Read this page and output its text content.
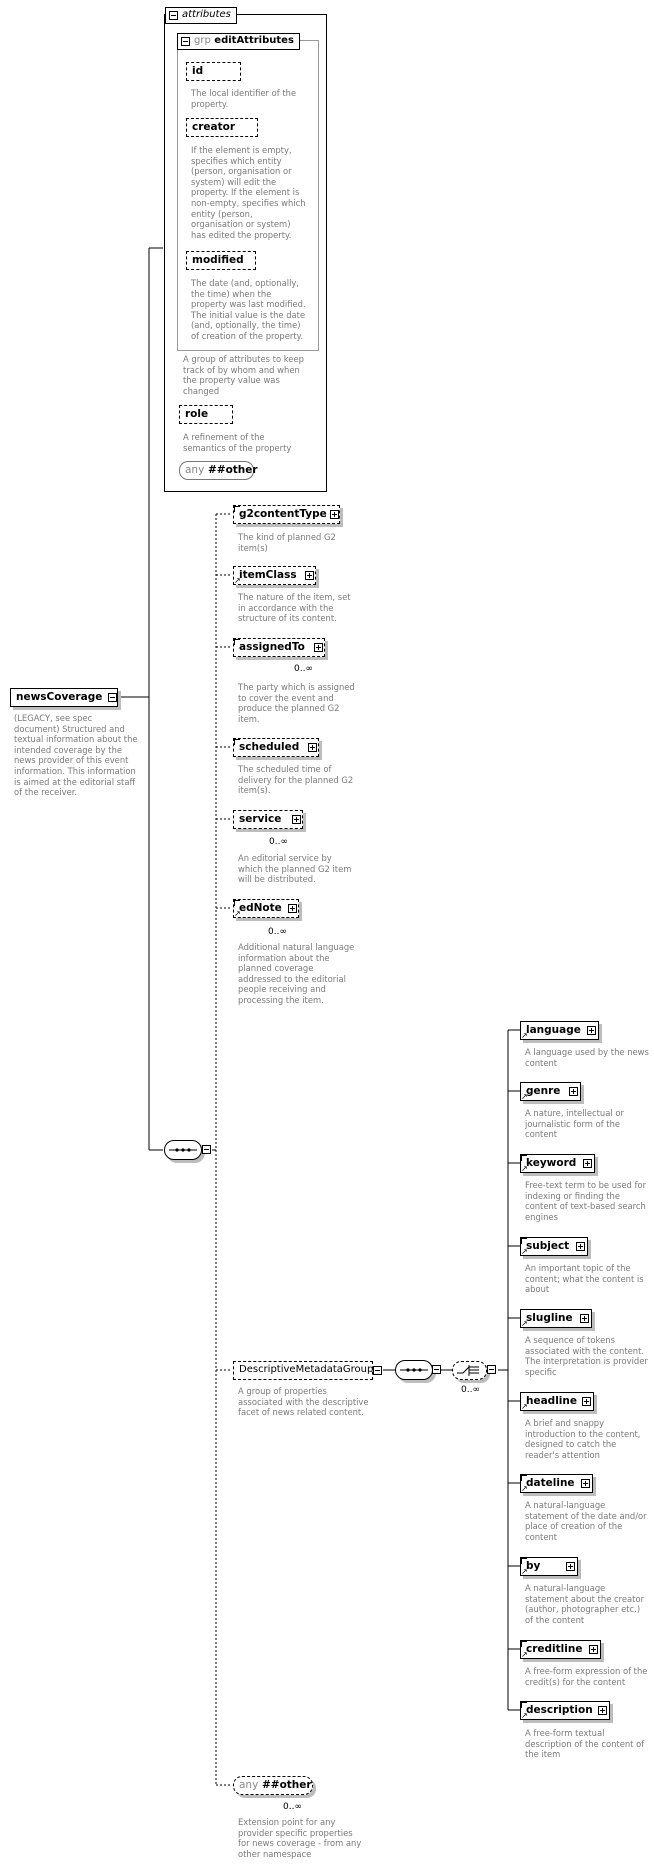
newsCoverage
(LEGACY, see spec document) Structured and textual information about the intended coverage by the news provider of this event information. This information is aimed at the editorial staff of the receiver.
attributes
grp editAttributes
id
The local identifier of the property.
creator
If the element is empty, specifies which entity (person, organisation or system) will edit the property. If the element is non-empty, specifies which entity (person, organisation or system) has edited the property.
modified
The date (and, optionally, the time) when the property was last modified. The initial value is the date (and, optionally, the time) of creation of the property.
A group of attributes to keep track of by whom and when the property value was changed
role
A refinement of the semantics of the property
any ##other
g2contentType
The kind of planned G2 item(s)
itemClass
↗
The nature of the item, set in accordance with the structure of its content.
assignedTo
0..∞
The party which is assigned to cover the event and produce the planned G2 item.
scheduled
The scheduled time of delivery for the planned G2 item(s).
service
0..∞
An editorial service by which the planned G2 item will be distributed.
edNote
↗
0..∞
Additional natural language information about the planned coverage addressed to the editorial people receiving and processing the item.
DescriptiveMetadataGroup
A group of properties associated with the descriptive facet of news related content.
0..∞
language
↗
A language used by the news content
genre
↗
A nature, intellectual or journalistic form of the content
keyword
↗
Free-text term to be used for indexing or finding the content of text-based search engines
subject
↗
An important topic of the content; what the content is about
slugline
↗
A sequence of tokens associated with the content. The interpretation is provider specific
headline
↗
A brief and snappy introduction to the content, designed to catch the reader's attention
dateline
↗
A natural-language statement of the date and/or place of creation of the content
by
↗
A natural-language statement about the creator (author, photographer etc.) of the content
creditline
↗
A free-form expression of the credit(s) for the content
description
↗
A free-form textual description of the content of the item
any ##other
0..∞
Extension point for any provider specific properties for news coverage - from any other namespace
